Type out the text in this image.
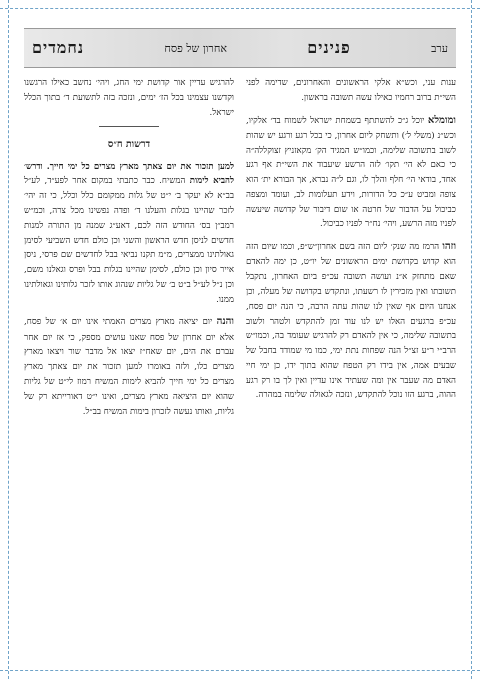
ערב
פנינים
אחרון של פסח
נחמדים

ענות עני, וכש״א אלקי הראשונים והאחרונים, שדימה לפני השי״ת ברוב רחמיו כאילו עשה תשובה בראשון.

ומומלא יוכל ג״כ להשתתף בשמחת ישראל לשמוח בד׳ אלקיו, וכש״נ (משלי ל׳) ותשחק ליום אחרון, כי בכל רגע ורגע יש שהות לשוב בתשובה שלימה, וכמו״ש המגיד הק׳ מקאזניץ זצוקללה״ה כי כאם לא הי׳ תקו׳ לזה הרשע שיעבוד את השי״ת אף רגע אחד, בודאי הי׳ חלף והלך לו, וגם ל״ה נברא, אך הבורא ית׳ הוא צופה ומביט ע״כ כל הדורות, וידע תעלומות לב, ועומד ומצפה כביכול על הדבור של חרטה או שום דיבור של קדושה שיעשה לפניו מזה הרשע, ויהי׳ נח״ר לפניו כביכול.

וזהו הרמז מה שנק׳ ליום הזה בשם אחרון״ש״פ, וכמו שיום הזה הוא קדוש בקדושת ימים הראשונים של יו״ט, כן ימה להאדם שאם מתחזק א״נ ועושה תשובה עכ״פ ביום האחרון, נתקבל תשובתו ואין מזכירין לו רשעתו, ונתקדש בקדושה של מעלה, וכן אנחנו היום אף שאין לנו שהות עתה הרבה, כי הנה יום פסח, עכ״פ ברגעים האלו יש לנו עוד זמן להתקדש ולטהר ולשוב בתשובה שלימה, כי אין להאדם רק להרגיש שעומד בה, וכמו״ש הרב״י ר״ע זצ״ל הנה שפחות נתת ימי, כמו מי שמודד בחבל של שבעים אמה, אין בידו רק הטפח שהוא בתוך ידו, כן ימי חיי האדם מה שעבר אין ומה שעתיד אינו עדיין ואין לך בו רק רגע ההוה, ברגע הזו נוכל להתקדש, ונזכה לגאולה שלימה במהרה.

להרגיש עדיין אור קדושת ימי החג, ויהי׳ נחשב כאילו הרגשנו וקדשנו עצמינו בכל הז׳ ימים, ונזכה בזה לתשועת ד׳ בתוך הכלל ישראל.

דרשות ח״ס

למען תזכור את יום צאתך מארץ מצרים כל ימי חייך. ודרש׳ להביא לימות המשיח. כבר כתבתי במקום אחר לפע״ד, לע״ל בב״א לא יעקר ב׳ י״ט של גלות ממקומם כלל וכלל, כי זה יהי׳ לזכר שהיינו בגלות והעלנו ד׳ ופדה נפשינו מכל צרה, וכמ״ש רמב״ן בס׳ החודש הזה לכם, דאע״ג שמנה מן התורה למנות חדשים לניסן חדש הראשון והשני וכן כולם חדש השביעי לסימן גאולתינו ממצרים, מ״מ תקנו נביאי בבל לחדשים שם פרסי, ניסן אייר סיון וכן כולם, לסימן שהיינו בגלות בבל ופרס וגאלנו משם, וכן נ״ל לע״ל ב״ט ב׳ של גליות שנהוג אותו לזכר גלותינו וגאולתינו ממנו.

והנה יום יציאה מארץ מצרים האמתי אינו יום א׳ של פסח, אלא יום אחרון של פסח שאנו עושים מספק, כי אז יום אחר עברם את הים, יום שאח״ז יצאו אל מדבר שור ויצאו מארץ מצרים כלו, ולזה באומרו למען תזכור את יום צאתך מארץ מצרים כל ימי חייך להביא לימות המשיח רמוז לי״ט של גליות שהוא יום היציאה מארץ מצרים, ואינו י״ט דאורייתא רק של גליות, ואותו נעשה לזכרון בימות המשיח בב״ל.
